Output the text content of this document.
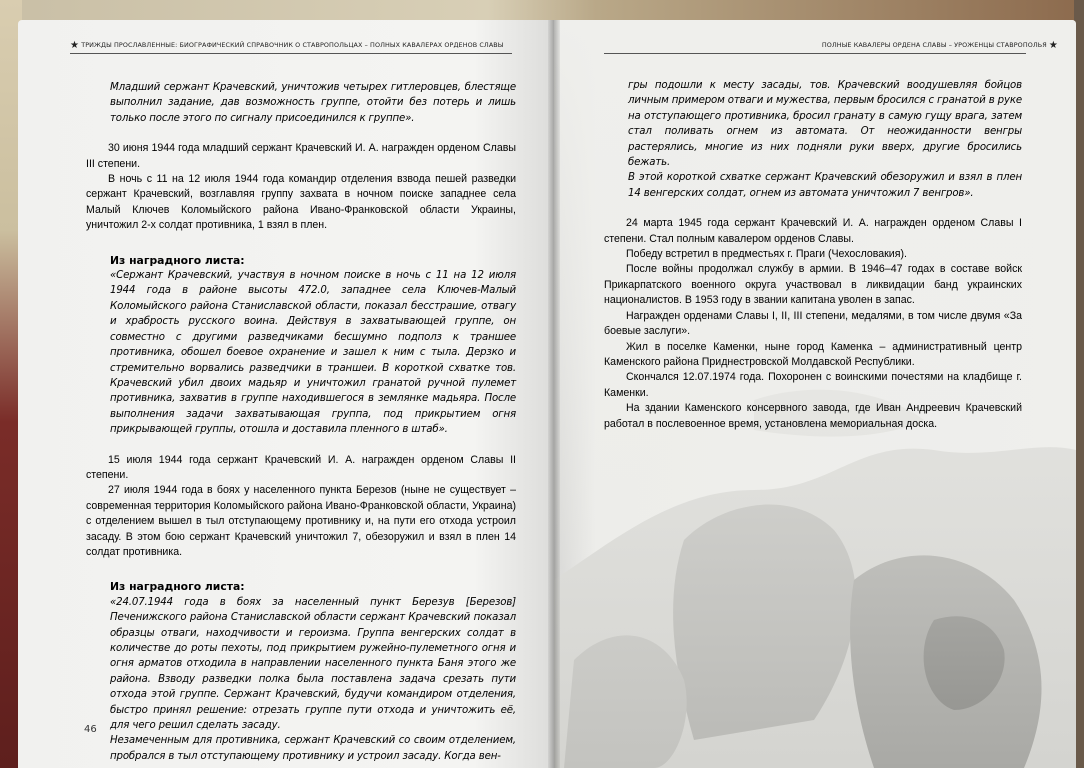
★ ТРИЖДЫ ПРОСЛАВЛЕННЫЕ: БИОГРАФИЧЕСКИЙ СПРАВОЧНИК О СТАВРОПОЛЬЦАХ – ПОЛНЫХ КАВАЛЕРАХ ОРДЕНОВ СЛАВЫ	ПОЛНЫЕ КАВАЛЕРЫ ОРДЕНА СЛАВЫ – УРОЖЕНЦЫ СТАВРОПОЛЬЯ ★

Младший сержант Крачевский, уничтожив четырех гитлеровцев, блестяще выполнил задание, дав возможность группе, отойти без потерь и лишь только после этого по сигналу присоединился к группе».

30 июня 1944 года младший сержант Крачевский И. А. награжден орденом Славы III степени.

В ночь с 11 на 12 июля 1944 года командир отделения взвода пешей разведки сержант Крачевский, возглавляя группу захвата в ночном поиске западнее села Малый Ключев Коломыйского района Ивано-Франковской области Украины, уничтожил 2-х солдат противника, 1 взял в плен.

Из наградного листа:

«Сержант Крачевский, участвуя в ночном поиске в ночь с 11 на 12 июля 1944 года в районе высоты 472.0, западнее села Ключев-Малый Коломыйского района Станиславской области, показал бесстрашие, отвагу и храбрость русского воина. Действуя в захватывающей группе, он совместно с другими разведчиками бесшумно подполз к траншее противника, обошел боевое охранение и зашел к ним с тыла. Дерзко и стремительно ворвались разведчики в траншеи. В короткой схватке тов. Крачевский убил двоих мадьяр и уничтожил гранатой ручной пулемет противника, захватив в группе находившегося в землянке мадьяра. После выполнения задачи захватывающая группа, под прикрытием огня прикрывающей группы, отошла и доставила пленного в штаб».

15 июля 1944 года сержант Крачевский И. А. награжден орденом Славы II степени.

27 июля 1944 года в боях у населенного пункта Березов (ныне не существует – современная территория Коломыйского района Ивано-Франковской области, Украина) с отделением вышел в тыл отступающему противнику и, на пути его отхода устроил засаду. В этом бою сержант Крачевский уничтожил 7, обезоружил и взял в плен 14 солдат противника.

Из наградного листа:

«24.07.1944 года в боях за населенный пункт Березув [Березов] Печенижского района Станиславской области сержант Крачевский показал образцы отваги, находчивости и героизма. Группа венгерских солдат в количестве до роты пехоты, под прикрытием ружейно-пулеметного огня и огня арматов отходила в направлении населенного пункта Баня этого же района. Взводу разведки полка была поставлена задача срезать пути отхода этой группе. Сержант Крачевский, будучи командиром отделения, быстро принял решение: отрезать группе пути отхода и уничтожить её, для чего решил сделать засаду.

Незамеченным для противника, сержант Крачевский со своим отделением, пробрался в тыл отступающему противнику и устроил засаду. Когда вен-

гры подошли к месту засады, тов. Крачевский воодушевляя бойцов личным примером отваги и мужества, первым бросился с гранатой в руке на отступающего противника, бросил гранату в самую гущу врага, затем стал поливать огнем из автомата. От неожиданности венгры растерялись, многие из них подняли руки вверх, другие бросились бежать.

В этой короткой схватке сержант Крачевский обезоружил и взял в плен 14 венгерских солдат, огнем из автомата уничтожил 7 венгров».

24 марта 1945 года сержант Крачевский И. А. награжден орденом Славы I степени. Стал полным кавалером орденов Славы.

Победу встретил в предместьях г. Праги (Чехословакия).

После войны продолжал службу в армии. В 1946–47 годах в составе войск Прикарпатского военного округа участвовал в ликвидации банд украинских националистов. В 1953 году в звании капитана уволен в запас.

Награжден орденами Славы I, II, III степени, медалями, в том числе двумя «За боевые заслуги».

Жил в поселке Каменки, ныне город Каменка – административный центр Каменского района Приднестровской Молдавской Республики.

Скончался 12.07.1974 года. Похоронен с воинскими почестями на кладбище г. Каменки.

На здании Каменского консервного завода, где Иван Андреевич Крачевский работал в послевоенное время, установлена мемориальная доска.

46
